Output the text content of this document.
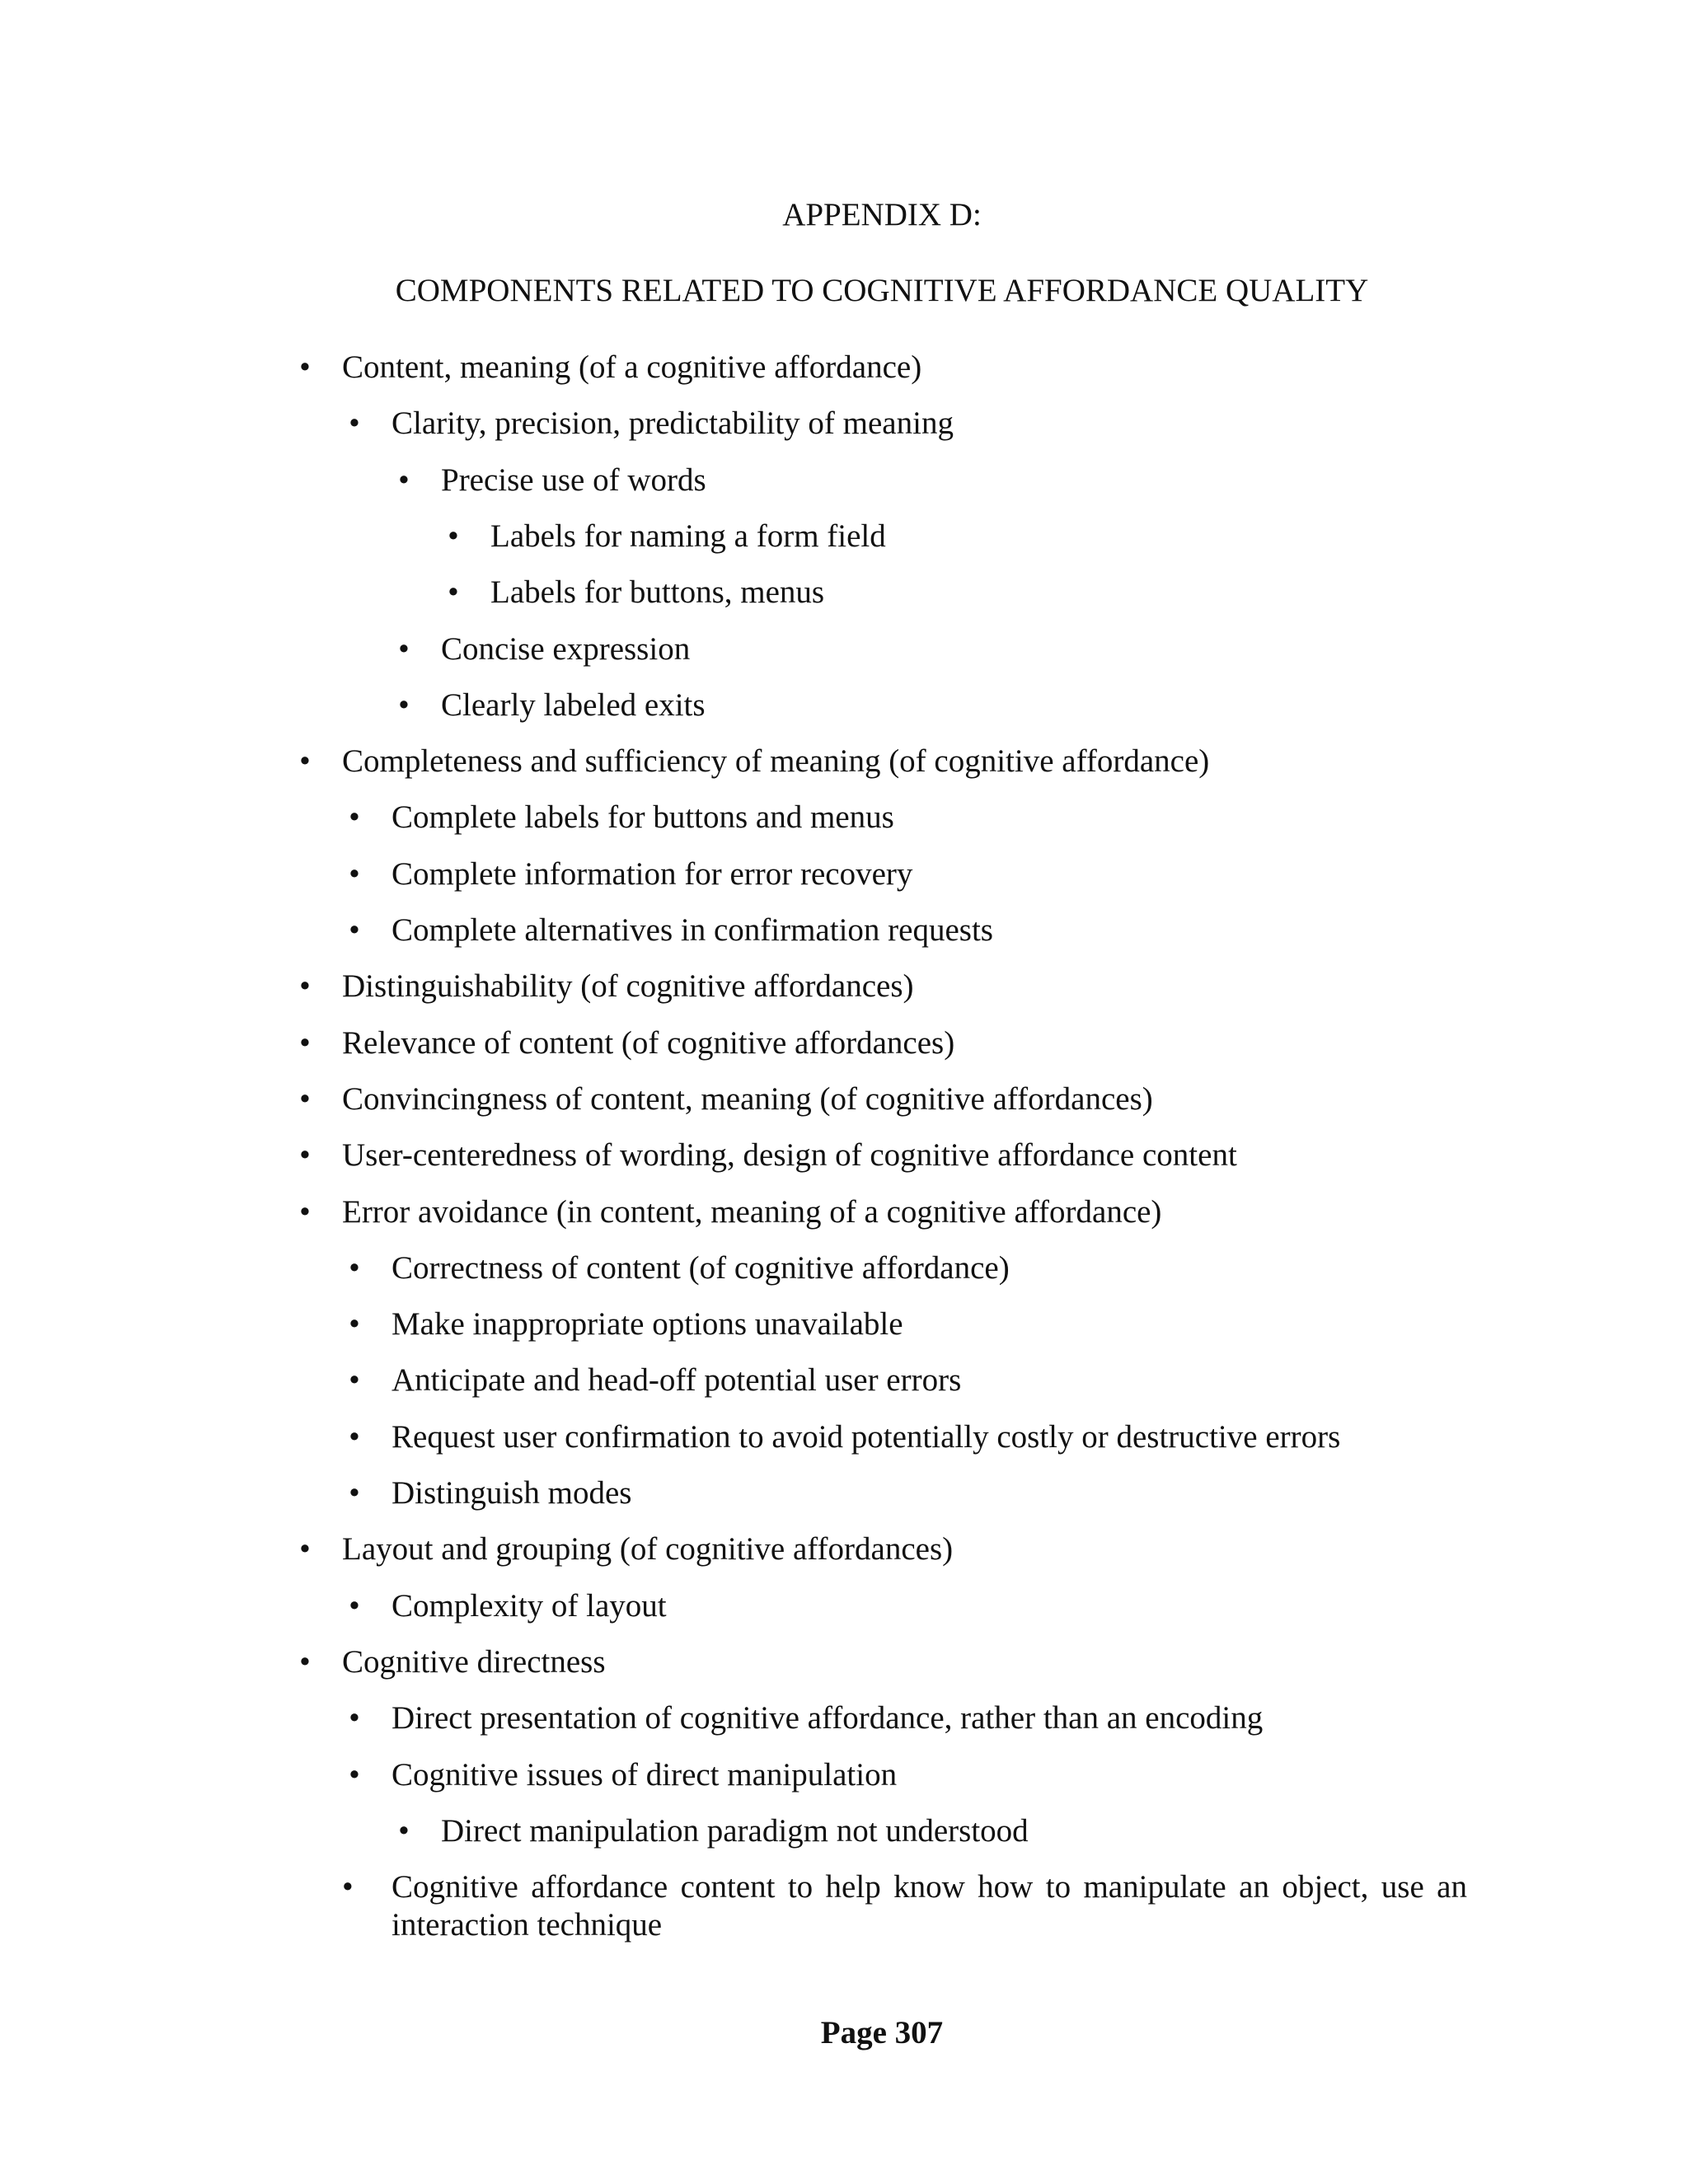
APPENDIX D:
COMPONENTS RELATED TO COGNITIVE AFFORDANCE QUALITY
• Content, meaning (of a cognitive affordance)
• Clarity, precision, predictability of meaning
• Precise use of words
• Labels for naming a form field
• Labels for buttons, menus
• Concise expression
• Clearly labeled exits
• Completeness and sufficiency of meaning (of cognitive affordance)
• Complete labels for buttons and menus
• Complete information for error recovery
• Complete alternatives in confirmation requests
• Distinguishability (of cognitive affordances)
• Relevance of content (of cognitive affordances)
• Convincingness of content, meaning (of cognitive affordances)
• User-centeredness of wording, design of cognitive affordance content
• Error avoidance (in content, meaning of a cognitive affordance)
• Correctness of content (of cognitive affordance)
• Make inappropriate options unavailable
• Anticipate and head-off potential user errors
• Request user confirmation to avoid potentially costly or destructive errors
• Distinguish modes
• Layout and grouping (of cognitive affordances)
• Complexity of layout
• Cognitive directness
• Direct presentation of cognitive affordance, rather than an encoding
• Cognitive issues of direct manipulation
• Direct manipulation paradigm not understood
•	Cognitive affordance content to help know how to manipulate an object, use an interaction technique
Page 307
